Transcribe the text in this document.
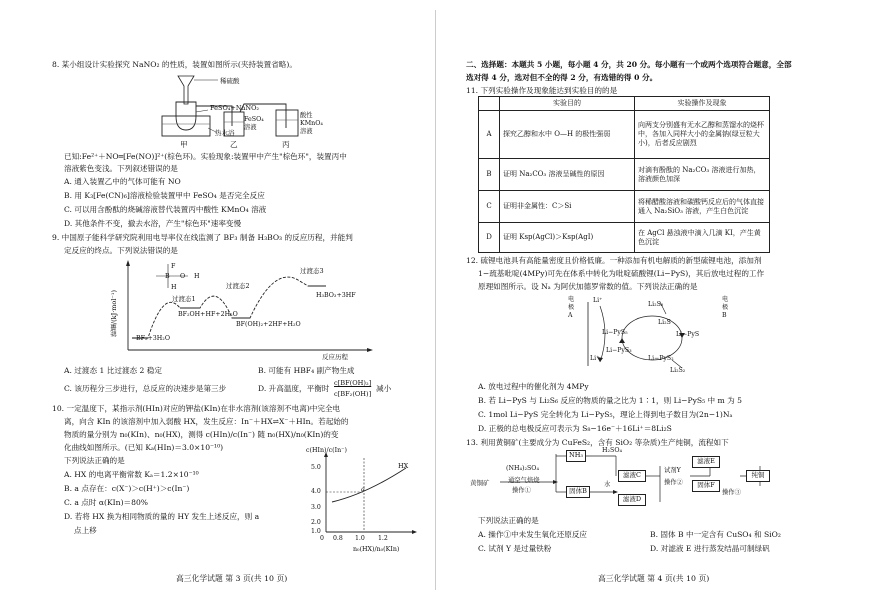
8. 某小组设计实验探究 NaNO₂ 的性质，装置如图所示(夹持装置省略)。
稀硫酸
FeSO₄+NaNO₂
热水浴
FeSO₄溶液
酸性KMnO₄溶液
甲	乙	丙
已知:Fe²⁺＋NO═[Fe(NO)]²⁺(棕色环)。实验现象:装置甲中产生"棕色环"，装置丙中
溶液紫色变浅。下列叙述错误的是
A. 通入装置乙中的气体可能有 NO
B. 用 K₃[Fe(CN)₆]溶液检验装置甲中 FeSO₄ 是否完全反应
C. 可以用含酚酞的烧碱溶液替代装置丙中酸性 KMnO₄ 溶液
D. 其他条件不变，撤去水浴，产生"棕色环"速率变慢
9. 中国原子能科学研究院利用电导率仪在线监测了 BF₃ 制备 H₃BO₃ 的反应历程，并能判
定反应的终点。下列说法错误的是
能量/(kJ·mol⁻¹)
反应历程
F
B O H
H
过渡态1
过渡态2
过渡态3
BF₃+3H₂O
BF₂OH+HF+2H₂O
BF(OH)₂+2HF+H₂O
H₃BO₃+3HF
A. 过渡态 1 比过渡态 2 稳定	B. 可能有 HBF₄ 副产物生成
C. 该历程分三步进行，总反应的决速步是第三步	D. 升高温度，平衡时
c[BF(OH)₂]
c[BF₂(OH)]
减小
10. 一定温度下，某指示剂(HIn)对应的钾盐(KIn)在非水溶剂(该溶剂不电离)中完全电
离，向含 KIn 的该溶剂中加入弱酸 HX，发生反应：In⁻＋HX⇌X⁻＋HIn。若起始的
物质的量分别为 n₀(KIn)、n₀(HX)，测得 c(HIn)/c(In⁻) 随 n₀(HX)/n₀(KIn)的变
化曲线如图所示。(已知 Kₐ(HIn)＝3.0×10⁻¹⁰)
下列说法正确的是
A. HX 的电离平衡常数 Kₐ＝1.2×10⁻¹⁰
B. a 点存在：c(X⁻)＞c(H⁺)＞c(In⁻)
C. a 点时 α(KIn)＝80%
D. 若将 HX 换为相同物质的量的 HY 发生上述反应，则 a
点上移
c(HIn)/c(In⁻)
n₀(HX)/n₀(KIn)
HX
a
5.0
4.0
3.0
2.0
1.0
0 0.8 1.0 1.2
高三化学试题 第 3 页(共 10 页)
二、选择题：本题共 5 小题，每小题 4 分，共 20 分。每小题有一个或两个选项符合题意，全部
选对得 4 分，选对但不全的得 2 分，有选错的得 0 分。
11. 下列实验操作及现象能达到实验目的的是
	实验目的	实验操作及现象
A	探究乙醇和水中 O—H 的极性强弱	向两支分别盛有无水乙醇和蒸馏水的烧杯中，各加入同样大小的金属钠(绿豆粒大小)，后者反应剧烈
B	证明 Na₂CO₃ 溶液呈碱性的原因	对滴有酚酞的 Na₂CO₃ 溶液进行加热，溶液颜色加深
C	证明非金属性：C＞Si	将稀醋酸溶液和碳酸钙反应后的气体直接通入 Na₂SiO₃ 溶液，产生白色沉淀
D	证明 Ksp(AgCl)＞Ksp(AgI)	在 AgCl 悬浊液中滴入几滴 KI，产生黄色沉淀
12. 硫锂电池具有高能量密度且价格低廉。一种添加有机电解质的新型硫锂电池，添加剂
1−巯基吡啶(4MPy)可先在体系中转化为吡啶硫酸锂(Li−PyS)，其后放电过程的工作
原理如图所示。设 Nₐ 为阿伏加德罗常数的值。下列说法正确的是
电极A
电极B
Li⁺
Li⁺
Li₂S₆
Li₂S
Li−PyS
Li−PyS₅
Li−PyS₃
Li−PyS₂
Li₂S₂
A. 放电过程中的催化剂为 4MPy
B. 若 Li−PyS 与 Li₂S₆ 反应的物质的量之比为 1∶1，则 Li−PyS₅ 中 m 为 5
C. 1mol Li−PyS 完全转化为 Li−PyS₅，理论上得到电子数目为(2n−1)Nₐ
D. 正极的总电极反应可表示为 S₈−16e⁻＋16Li⁺＝8Li₂S
13. 利用黄铜矿(主要成分为 CuFeS₂，含有 SiO₂ 等杂质)生产纯铜，流程如下
黄铜矿
(NH₄)₂SO₄
通空气焙烧
操作①
NH₃
H₂SO₄
固体B
水
滤液C
滤液D
试剂Y
操作②
滤液E
固体F
操作③
纯铜
下列说法正确的是
A. 操作①中未发生氧化还原反应	B. 固体 B 中一定含有 CuSO₄ 和 SiO₂
C. 试剂 Y 是过量铁粉	D. 对滤液 E 进行蒸发结晶可制绿矾
高三化学试题 第 4 页(共 10 页)
